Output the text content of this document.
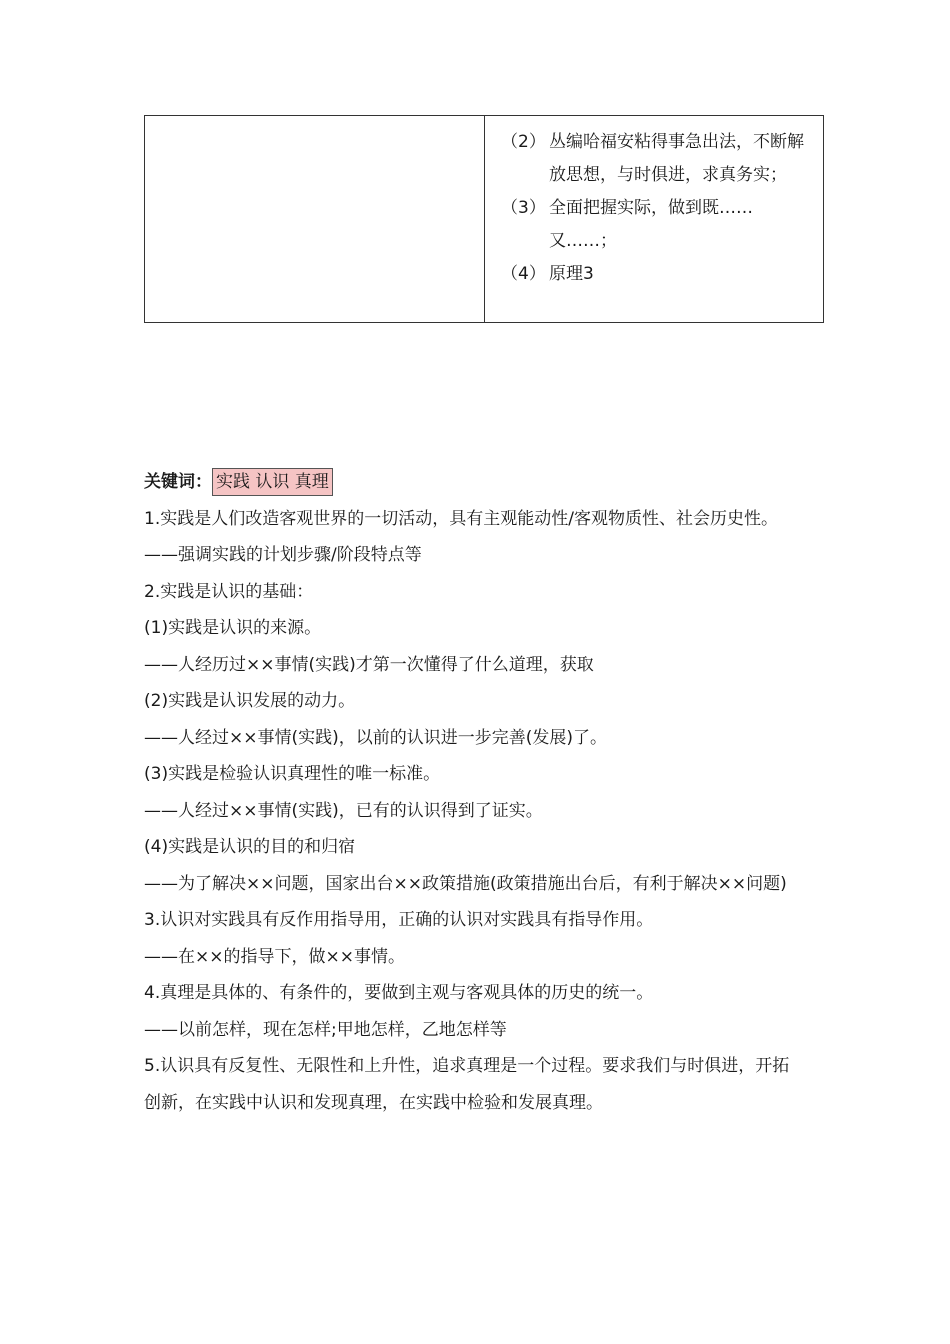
（2） 丛编哈福安粘得事急出法，不断解放思想，与时俱进，求真务实；
（3） 全面把握实际，做到既……又……；
（4） 原理3
关键词： 实践 认识 真理

1.实践是人们改造客观世界的一切活动，具有主观能动性/客观物质性、社会历史性。

——强调实践的计划步骤/阶段特点等

2.实践是认识的基础：

(1)实践是认识的来源。

——人经历过××事情(实践)才第一次懂得了什么道理，获取

(2)实践是认识发展的动力。

——人经过××事情(实践)，以前的认识进一步完善(发展)了。

(3)实践是检验认识真理性的唯一标准。

——人经过××事情(实践)，已有的认识得到了证实。

(4)实践是认识的目的和归宿

——为了解决××问题，国家出台××政策措施(政策措施出台后，有利于解决××问题)

3.认识对实践具有反作用指导用，正确的认识对实践具有指导作用。

——在××的指导下，做××事情。

4.真理是具体的、有条件的，要做到主观与客观具体的历史的统一。

——以前怎样，现在怎样;甲地怎样，乙地怎样等

5.认识具有反复性、无限性和上升性，追求真理是一个过程。要求我们与时俱进，开拓创新，在实践中认识和发现真理，在实践中检验和发展真理。
